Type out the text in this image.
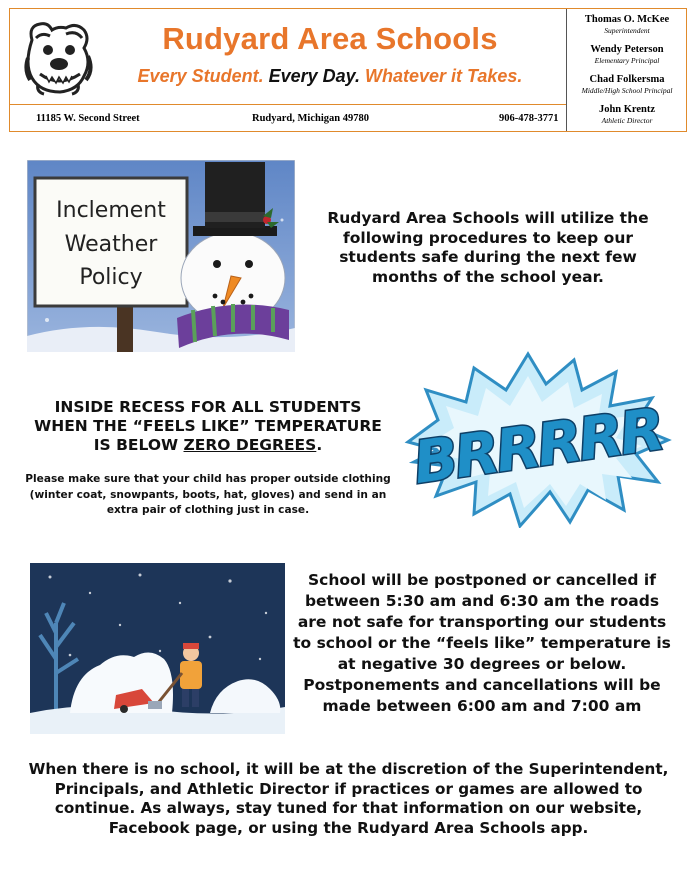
Rudyard Area Schools
Every Student. Every Day. Whatever it Takes.
11185 W. Second Street	Rudyard, Michigan 49780	906-478-3771
Thomas O. McKee
Superintendent
Wendy Peterson
Elementary Principal
Chad Folkersma
Middle/High School Principal
John Krentz
Athletic Director
Inclement
Weather
Policy
Rudyard Area Schools will utilize the following procedures to keep our students safe during the next few months of the school year.
INSIDE RECESS FOR ALL STUDENTS
WHEN THE “FEELS LIKE” TEMPERATURE
IS BELOW ZERO DEGREES.
Please make sure that your child has proper outside clothing (winter coat, snowpants, boots, hat, gloves) and send in an extra pair of clothing just in case.
BRRRRR
School will be postponed or cancelled if between 5:30 am and 6:30 am the roads are not safe for transporting our students to school or the “feels like” temperature is at negative 30 degrees or below. Postponements and cancellations will be made between 6:00 am and 7:00 am
When there is no school, it will be at the discretion of the Superintendent, Principals, and Athletic Director if practices or games are allowed to continue. As always, stay tuned for that information on our website, Facebook page, or using the Rudyard Area Schools app.
